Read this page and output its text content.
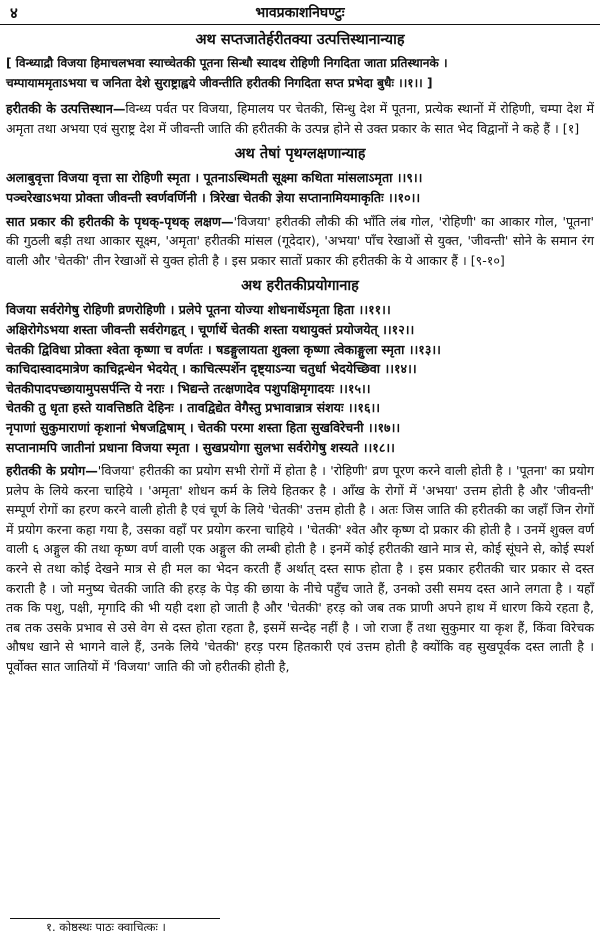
४	भावप्रकाशनिघण्टुः

अथ सप्तजातेर्हरीतक्या उत्पत्तिस्थानान्याह

[ विन्ध्याद्रौ विजया हिमाचलभवा स्याच्चेतकी पूतना सिन्धौ स्यादथ रोहिणी निगदिता जाता प्रतिस्थानके ।

चम्पायाममृताऽभया च जनिता देशे सुराष्ट्राह्वये जीवन्तीति हरीतकी निगदिता सप्त प्रभेदा बुधैः ।।१।। ]

हरीतकी के उत्पत्तिस्थान—विन्ध्य पर्वत पर विजया, हिमालय पर चेतकी, सिन्धु देश में पूतना, प्रत्येक स्थानों में रोहिणी, चम्पा देश में अमृता तथा अभया एवं सुराष्ट्र देश में जीवन्ती जाति की हरीतकी के उत्पन्न होने से उक्त प्रकार के सात भेद विद्वानों ने कहे हैं । [१]

अथ तेषां पृथग्लक्षणान्याह

अलाबुवृत्ता विजया वृत्ता सा रोहिणी स्मृता । पूतनाऽस्थिमती सूक्ष्मा कथिता मांसलाऽमृता ।।९।।

पञ्चरेखाऽभया प्रोक्ता जीवन्ती स्वर्णवर्णिनी । त्रिरेखा चेतकी ज्ञेया सप्तानामियमाकृतिः ।।१०।।

सात प्रकार की हरीतकी के पृथक्-पृथक् लक्षण—'विजया' हरीतकी लौकी की भाँति लंब गोल, 'रोहिणी' का आकार गोल, 'पूतना' की गुठली बड़ी तथा आकार सूक्ष्म, 'अमृता' हरीतकी मांसल (गूदेदार), 'अभया' पाँच रेखाओं से युक्त, 'जीवन्ती' सोने के समान रंग वाली और 'चेतकी' तीन रेखाओं से युक्त होती है । इस प्रकार सातों प्रकार की हरीतकी के ये आकार हैं । [९-१०]

अथ हरीतकीप्रयोगानाह

विजया सर्वरोगेषु रोहिणी व्रणरोहिणी । प्रलेपे पूतना योज्या शोधनार्थेऽमृता हिता ।।११।।

अक्षिरोगेऽभया शस्ता जीवन्ती सर्वरोगहृत् । चूर्णार्थे चेतकी शस्ता यथायुक्तं प्रयोजयेत् ।।१२।।

चेतकी द्विविधा प्रोक्ता श्वेता कृष्णा च वर्णतः । षडङ्गुलायता शुक्ला कृष्णा त्वेकाङ्गुला स्मृता ।।१३।।

काचिदास्वादमात्रेण काचिद्गन्धेन भेदयेत् । काचित्स्पर्शेन दृष्ट्याऽन्या चतुर्धा भेदयेच्छिवा ।।१४।।

चेतकीपादपच्छायामुपसर्पन्ति ये नराः । भिद्यन्ते तत्क्षणादेव पशुपक्षिमृगादयः ।।१५।।

चेतकी तु धृता हस्ते यावत्तिष्ठति देहिनः । तावद्विद्येत वेगैस्तु प्रभावान्नात्र संशयः ।।१६।।

नृपाणां सुकुमाराणां कृशानां भेषजद्विषाम् । चेतकी परमा शस्ता हिता सुखविरेचनी ।।१७।।

सप्तानामपि जातीनां प्रधाना विजया स्मृता । सुखप्रयोगा सुलभा सर्वरोगेषु शस्यते ।।१८।।

हरीतकी के प्रयोग—'विजया' हरीतकी का प्रयोग सभी रोगों में होता है । 'रोहिणी' व्रण पूरण करने वाली होती है । 'पूतना' का प्रयोग प्रलेप के लिये करना चाहिये । 'अमृता' शोधन कर्म के लिये हितकर है । आँख के रोगों में 'अभया' उत्तम होती है और 'जीवन्ती' सम्पूर्ण रोगों का हरण करने वाली होती है एवं चूर्ण के लिये 'चेतकी' उत्तम होती है । अतः जिस जाति की हरीतकी का जहाँ जिन रोगों में प्रयोग करना कहा गया है, उसका वहाँ पर प्रयोग करना चाहिये । 'चेतकी' श्वेत और कृष्ण दो प्रकार की होती है । उनमें शुक्ल वर्ण वाली ६ अङ्गुल की तथा कृष्ण वर्ण वाली एक अङ्गुल की लम्बी होती है । इनमें कोई हरीतकी खाने मात्र से, कोई सूंघने से, कोई स्पर्श करने से तथा कोई देखने मात्र से ही मल का भेदन करती हैं अर्थात् दस्त साफ होता है । इस प्रकार हरीतकी चार प्रकार से दस्त कराती है । जो मनुष्य चेतकी जाति की हरड़ के पेड़ की छाया के नीचे पहुँच जाते हैं, उनको उसी समय दस्त आने लगता है । यहाँ तक कि पशु, पक्षी, मृगादि की भी यही दशा हो जाती है और 'चेतकी' हरड़ को जब तक प्राणी अपने हाथ में धारण किये रहता है, तब तक उसके प्रभाव से उसे वेग से दस्त होता रहता है, इसमें सन्देह नहीं है । जो राजा हैं तथा सुकुमार या कृश हैं, किंवा विरेचक औषध खाने से भागने वाले हैं, उनके लिये 'चेतकी' हरड़ परम हितकारी एवं उत्तम होती है क्योंकि वह सुखपूर्वक दस्त लाती है । पूर्वोक्त सात जातियों में 'विजया' जाति की जो हरीतकी होती है,

१. कोष्ठस्थः पाठः क्वाचित्कः ।
